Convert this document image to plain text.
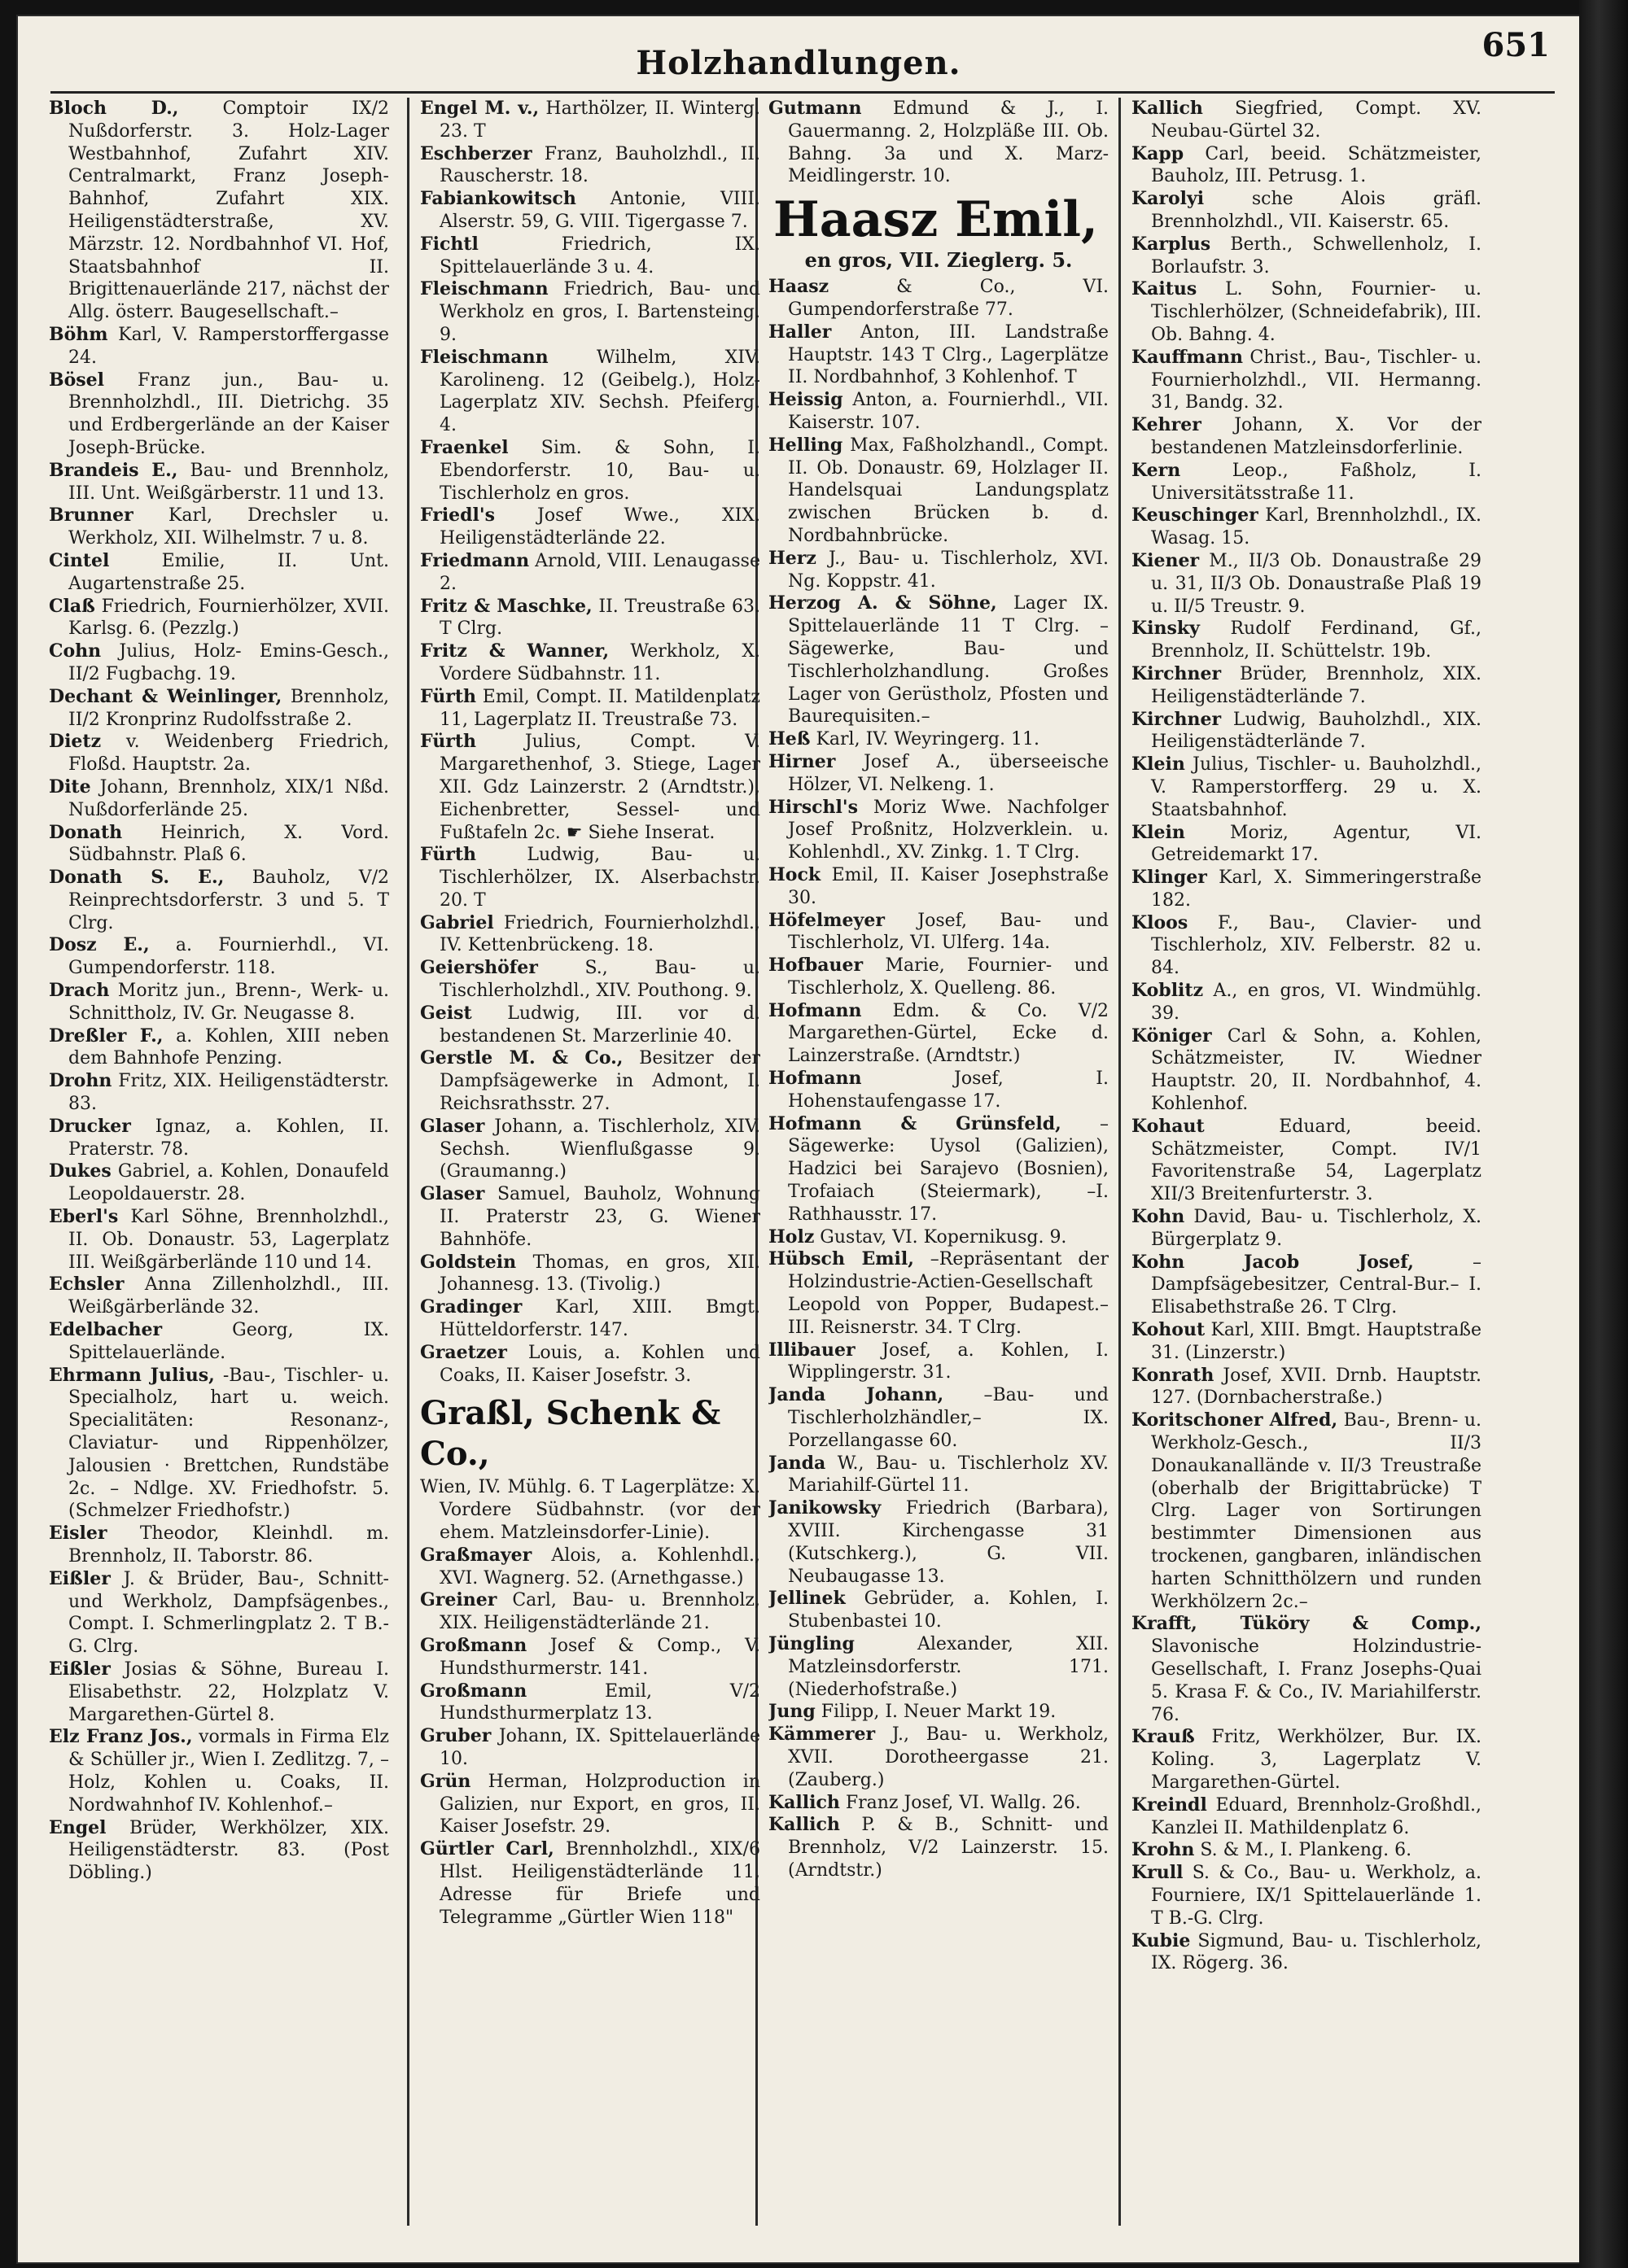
Holzhandlungen.	651

Bloch D., Comptoir IX/2 Nußdorferstr. 3. Holz-Lager Westbahnhof, Zufahrt XIV. Centralmarkt, Franz Joseph-Bahnhof, Zufahrt XIX. Heiligenstädterstraße, XV. Märzstr. 12. Nordbahnhof VI. Hof, Staatsbahnhof II. Brigittenauerlände 217, nächst der Allg. österr. Baugesellschaft.–

Böhm Karl, V. Ramperstorffergasse 24.

Bösel Franz jun., Bau- u. Brennholzhdl., III. Dietrichg. 35 und Erdbergerlände an der Kaiser Joseph-Brücke.

Brandeis E., Bau- und Brennholz, III. Unt. Weißgärberstr. 11 und 13.

Brunner Karl, Drechsler u. Werkholz, XII. Wilhelmstr. 7 u. 8.

Cintel Emilie, II. Unt. Augartenstraße 25.

Claß Friedrich, Fournierhölzer, XVII. Karlsg. 6. (Pezzlg.)

Cohn Julius, Holz- Emins-Gesch., II/2 Fugbachg. 19.

Dechant & Weinlinger, Brennholz, II/2 Kronprinz Rudolfsstraße 2.

Dietz v. Weidenberg Friedrich, Floßd. Hauptstr. 2a.

Dite Johann, Brennholz, XIX/1 Nßd. Nußdorferlände 25.

Donath Heinrich, X. Vord. Südbahnstr. Plaß 6.

Donath S. E., Bauholz, V/2 Reinprechtsdorferstr. 3 und 5. T Clrg.

Dosz E., a. Fournierhdl., VI. Gumpendorferstr. 118.

Drach Moritz jun., Brenn-, Werk- u. Schnittholz, IV. Gr. Neugasse 8.

Dreßler F., a. Kohlen, XIII neben dem Bahnhofe Penzing.

Drohn Fritz, XIX. Heiligenstädterstr. 83.

Drucker Ignaz, a. Kohlen, II. Praterstr. 78.

Dukes Gabriel, a. Kohlen, Donaufeld Leopoldauerstr. 28.

Eberl's Karl Söhne, Brennholzhdl., II. Ob. Donaustr. 53, Lagerplatz III. Weißgärberlände 110 und 14.

Echsler Anna Zillenholzhdl., III. Weißgärberlände 32.

Edelbacher Georg, IX. Spittelauerlände.

Ehrmann Julius, -Bau-, Tischler- u. Specialholz, hart u. weich. Specialitäten: Resonanz-, Claviatur- und Rippenhölzer, Jalousien · Brettchen, Rundstäbe 2c. – Ndlge. XV. Friedhofstr. 5. (Schmelzer Friedhofstr.)

Eisler Theodor, Kleinhdl. m. Brennholz, II. Taborstr. 86.

Eißler J. & Brüder, Bau-, Schnitt- und Werkholz, Dampfsägenbes., Compt. I. Schmerlingplatz 2. T B.-G. Clrg.

Eißler Josias & Söhne, Bureau I. Elisabethstr. 22, Holzplatz V. Margarethen-Gürtel 8.

Elz Franz Jos., vormals in Firma Elz & Schüller jr., Wien I. Zedlitzg. 7, – Holz, Kohlen u. Coaks, II. Nordwahnhof IV. Kohlenhof.–

Engel Brüder, Werkhölzer, XIX. Heiligenstädterstr. 83. (Post Döbling.)

Engel M. v., Harthölzer, II. Winterg. 23. T

Eschberzer Franz, Bauholzhdl., II. Rauscherstr. 18.

Fabiankowitsch Antonie, VIII. Alserstr. 59, G. VIII. Tigergasse 7.

Fichtl Friedrich, IX. Spittelauerlände 3 u. 4.

Fleischmann Friedrich, Bau- und Werkholz en gros, I. Bartensteing. 9.

Fleischmann Wilhelm, XIV. Karolineng. 12 (Geibelg.), Holz-Lagerplatz XIV. Sechsh. Pfeiferg. 4.

Fraenkel Sim. & Sohn, I. Ebendorferstr. 10, Bau- u. Tischlerholz en gros.

Friedl's Josef Wwe., XIX. Heiligenstädterlände 22.

Friedmann Arnold, VIII. Lenaugasse 2.

Fritz & Maschke, II. Treustraße 63. T Clrg.

Fritz & Wanner, Werkholz, X. Vordere Südbahnstr. 11.

Fürth Emil, Compt. II. Matildenplatz 11, Lagerplatz II. Treustraße 73.

Fürth Julius, Compt. V. Margarethenhof, 3. Stiege, Lager XII. Gdz Lainzerstr. 2 (Arndtstr.), Eichenbretter, Sessel- und Fußtafeln 2c. ☛ Siehe Inserat.

Fürth Ludwig, Bau- u. Tischlerhölzer, IX. Alserbachstr. 20. T

Gabriel Friedrich, Fournierholzhdl., IV. Kettenbrückeng. 18.

Geiershöfer S., Bau- u. Tischlerholzhdl., XIV. Pouthong. 9.

Geist Ludwig, III. vor d. bestandenen St. Marzerlinie 40.

Gerstle M. & Co., Besitzer der Dampfsägewerke in Admont, I. Reichsrathsstr. 27.

Glaser Johann, a. Tischlerholz, XIV. Sechsh. Wienflußgasse 9. (Graumanng.)

Glaser Samuel, Bauholz, Wohnung II. Praterstr 23, G. Wiener Bahnhöfe.

Goldstein Thomas, en gros, XII. Johannesg. 13. (Tivolig.)

Gradinger Karl, XIII. Bmgt. Hütteldorferstr. 147.

Graetzer Louis, a. Kohlen und Coaks, II. Kaiser Josefstr. 3.

Graßl, Schenk & Co.,

Wien, IV. Mühlg. 6. T Lagerplätze: X. Vordere Südbahnstr. (vor der ehem. Matzleinsdorfer-Linie).

Graßmayer Alois, a. Kohlenhdl., XVI. Wagnerg. 52. (Arnethgasse.)

Greiner Carl, Bau- u. Brennholz, XIX. Heiligenstädterlände 21.

Großmann Josef & Comp., V. Hundsthurmerstr. 141.

Großmann Emil, V/2 Hundsthurmerplatz 13.

Gruber Johann, IX. Spittelauerlände 10.

Grün Herman, Holzproduction in Galizien, nur Export, en gros, II. Kaiser Josefstr. 29.

Gürtler Carl, Brennholzhdl., XIX/6 Hlst. Heiligenstädterlände 11, Adresse für Briefe und Telegramme „Gürtler Wien 118"

Gutmann Edmund & J., I. Gauermanng. 2, Holzpläße III. Ob. Bahng. 3a und X. Marz-Meidlingerstr. 10.

Haasz Emil,
en gros, VII. Zieglerg. 5.

Haasz & Co., VI. Gumpendorferstraße 77.

Haller Anton, III. Landstraße Hauptstr. 143 T Clrg., Lagerplätze II. Nordbahnhof, 3 Kohlenhof. T

Heissig Anton, a. Fournierhdl., VII. Kaiserstr. 107.

Helling Max, Faßholzhandl., Compt. II. Ob. Donaustr. 69, Holzlager II. Handelsquai Landungsplatz zwischen Brücken b. d. Nordbahnbrücke.

Herz J., Bau- u. Tischlerholz, XVI. Ng. Koppstr. 41.

Herzog A. & Söhne, Lager IX. Spittelauerlände 11 T Clrg. –Sägewerke, Bau- und Tischlerholzhandlung. Großes Lager von Gerüstholz, Pfosten und Baurequisiten.–

Heß Karl, IV. Weyringerg. 11.

Hirner Josef A., überseeische Hölzer, VI. Nelkeng. 1.

Hirschl's Moriz Wwe. Nachfolger Josef Proßnitz, Holzverklein. u. Kohlenhdl., XV. Zinkg. 1. T Clrg.

Hock Emil, II. Kaiser Josephstraße 30.

Höfelmeyer Josef, Bau- und Tischlerholz, VI. Ulferg. 14a.

Hofbauer Marie, Fournier- und Tischlerholz, X. Quelleng. 86.

Hofmann Edm. & Co. V/2 Margarethen-Gürtel, Ecke d. Lainzerstraße. (Arndtstr.)

Hofmann Josef, I. Hohenstaufengasse 17.

Hofmann & Grünsfeld, –Sägewerke: Uysol (Galizien), Hadzici bei Sarajevo (Bosnien), Trofaiach (Steiermark), –I. Rathhausstr. 17.

Holz Gustav, VI. Kopernikusg. 9.

Hübsch Emil, –Repräsentant der Holzindustrie-Actien-Gesellschaft Leopold von Popper, Budapest.– III. Reisnerstr. 34. T Clrg.

Illibauer Josef, a. Kohlen, I. Wipplingerstr. 31.

Janda Johann, –Bau- und Tischlerholzhändler,– IX. Porzellangasse 60.

Janda W., Bau- u. Tischlerholz XV. Mariahilf-Gürtel 11.

Janikowsky Friedrich (Barbara), XVIII. Kirchengasse 31 (Kutschkerg.), G. VII. Neubaugasse 13.

Jellinek Gebrüder, a. Kohlen, I. Stubenbastei 10.

Jüngling Alexander, XII. Matzleinsdorferstr. 171. (Niederhofstraße.)

Jung Filipp, I. Neuer Markt 19.

Kämmerer J., Bau- u. Werkholz, XVII. Dorotheergasse 21. (Zauberg.)

Kallich Franz Josef, VI. Wallg. 26.

Kallich P. & B., Schnitt- und Brennholz, V/2 Lainzerstr. 15. (Arndtstr.)

Kallich Siegfried, Compt. XV. Neubau-Gürtel 32.

Kapp Carl, beeid. Schätzmeister, Bauholz, III. Petrusg. 1.

Karolyi sche Alois gräfl. Brennholzhdl., VII. Kaiserstr. 65.

Karplus Berth., Schwellenholz, I. Borlaufstr. 3.

Kaitus L. Sohn, Fournier- u. Tischlerhölzer, (Schneidefabrik), III. Ob. Bahng. 4.

Kauffmann Christ., Bau-, Tischler- u. Fournierholzhdl., VII. Hermanng. 31, Bandg. 32.

Kehrer Johann, X. Vor der bestandenen Matzleinsdorferlinie.

Kern Leop., Faßholz, I. Universitätsstraße 11.

Keuschinger Karl, Brennholzhdl., IX. Wasag. 15.

Kiener M., II/3 Ob. Donaustraße 29 u. 31, II/3 Ob. Donaustraße Plaß 19 u. II/5 Treustr. 9.

Kinsky Rudolf Ferdinand, Gf., Brennholz, II. Schüttelstr. 19b.

Kirchner Brüder, Brennholz, XIX. Heiligenstädterlände 7.

Kirchner Ludwig, Bauholzhdl., XIX. Heiligenstädterlände 7.

Klein Julius, Tischler- u. Bauholzhdl., V. Ramperstorfferg. 29 u. X. Staatsbahnhof.

Klein Moriz, Agentur, VI. Getreidemarkt 17.

Klinger Karl, X. Simmeringerstraße 182.

Kloos F., Bau-, Clavier- und Tischlerholz, XIV. Felberstr. 82 u. 84.

Koblitz A., en gros, VI. Windmühlg. 39.

Königer Carl & Sohn, a. Kohlen, Schätzmeister, IV. Wiedner Hauptstr. 20, II. Nordbahnhof, 4. Kohlenhof.

Kohaut Eduard, beeid. Schätzmeister, Compt. IV/1 Favoritenstraße 54, Lagerplatz XII/3 Breitenfurterstr. 3.

Kohn David, Bau- u. Tischlerholz, X. Bürgerplatz 9.

Kohn Jacob Josef, –Dampfsägebesitzer, Central-Bur.– I. Elisabethstraße 26. T Clrg.

Kohout Karl, XIII. Bmgt. Hauptstraße 31. (Linzerstr.)

Konrath Josef, XVII. Drnb. Hauptstr. 127. (Dornbacherstraße.)

Koritschoner Alfred, Bau-, Brenn- u. Werkholz-Gesch., II/3 Donaukanallände v. II/3 Treustraße (oberhalb der Brigittabrücke) T Clrg. Lager von Sortirungen bestimmter Dimensionen aus trockenen, gangbaren, inländischen harten Schnitthölzern und runden Werkhölzern 2c.–

Krafft, Tüköry & Comp., Slavonische Holzindustrie-Gesellschaft, I. Franz Josephs-Quai 5. Krasa F. & Co., IV. Mariahilferstr. 76.

Krauß Fritz, Werkhölzer, Bur. IX. Koling. 3, Lagerplatz V. Margarethen-Gürtel.

Kreindl Eduard, Brennholz-Großhdl., Kanzlei II. Mathildenplatz 6.

Krohn S. & M., I. Plankeng. 6.

Krull S. & Co., Bau- u. Werkholz, a. Fourniere, IX/1 Spittelauerlände 1. T B.-G. Clrg.

Kubie Sigmund, Bau- u. Tischlerholz, IX. Rögerg. 36.
